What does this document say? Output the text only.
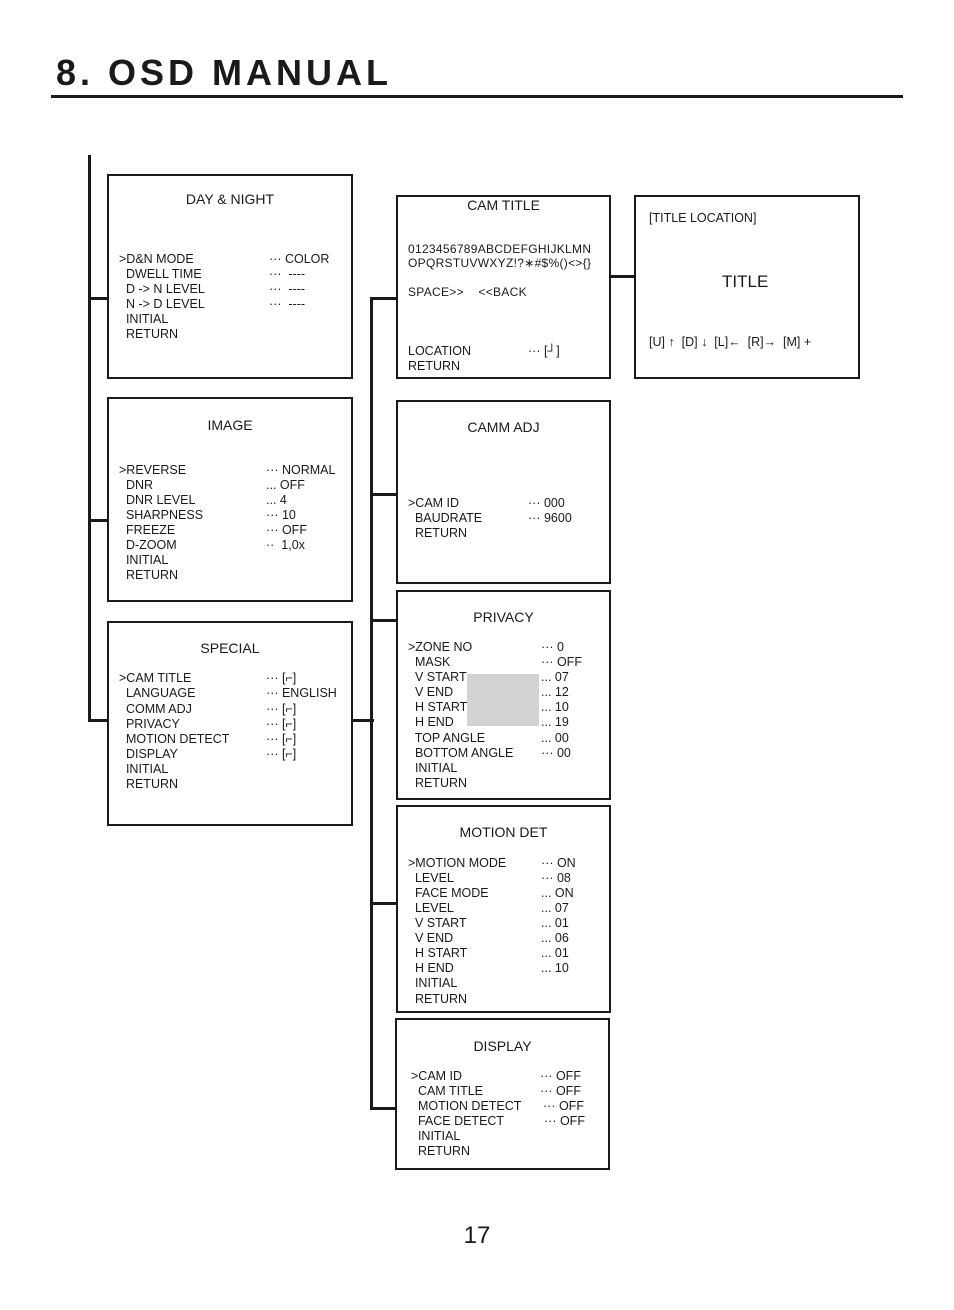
8. OSD MANUAL
DAY & NIGHT
>D&N MODE	··· COLOR
DWELL TIME	···  ----
D -> N LEVEL	···  ----
N -> D LEVEL	···  ----
INITIAL
RETURN
IMAGE
>REVERSE	··· NORMAL
DNR	... OFF
DNR LEVEL	... 4
SHARPNESS	··· 10
FREEZE	··· OFF
D-ZOOM	··  1,0x
INITIAL
RETURN
SPECIAL
>CAM TITLE	··· [⌐]
LANGUAGE	··· ENGLISH
COMM ADJ	··· [⌐]
PRIVACY	··· [⌐]
MOTION DETECT	··· [⌐]
DISPLAY	··· [⌐]
INITIAL
RETURN
CAM TITLE
0123456789ABCDEFGHIJKLMN
OPQRSTUVWXYZ!?∗#$%()<>{}
SPACE>>    <<BACK
LOCATION	··· [┘]
RETURN
[TITLE LOCATION]
TITLE
[U] ↑  [D] ↓  [L]←  [R]→  [M] +
CAMM ADJ
>CAM ID	··· 000
BAUDRATE	··· 9600
RETURN
PRIVACY
>ZONE NO	··· 0
MASK	··· OFF
V START	... 07
V END	... 12
H START	... 10
H END	... 19
TOP ANGLE	... 00
BOTTOM ANGLE ··· 00
INITIAL
RETURN
MOTION DET
>MOTION MODE	··· ON
LEVEL	··· 08
FACE MODE	... ON
LEVEL	... 07
V START	... 01
V END	... 06
H START	... 01
H END	... 10
INITIAL
RETURN
DISPLAY
>CAM ID	··· OFF
CAM TITLE	··· OFF
MOTION DETECT ··· OFF
FACE DETECT	··· OFF
INITIAL
RETURN
17
